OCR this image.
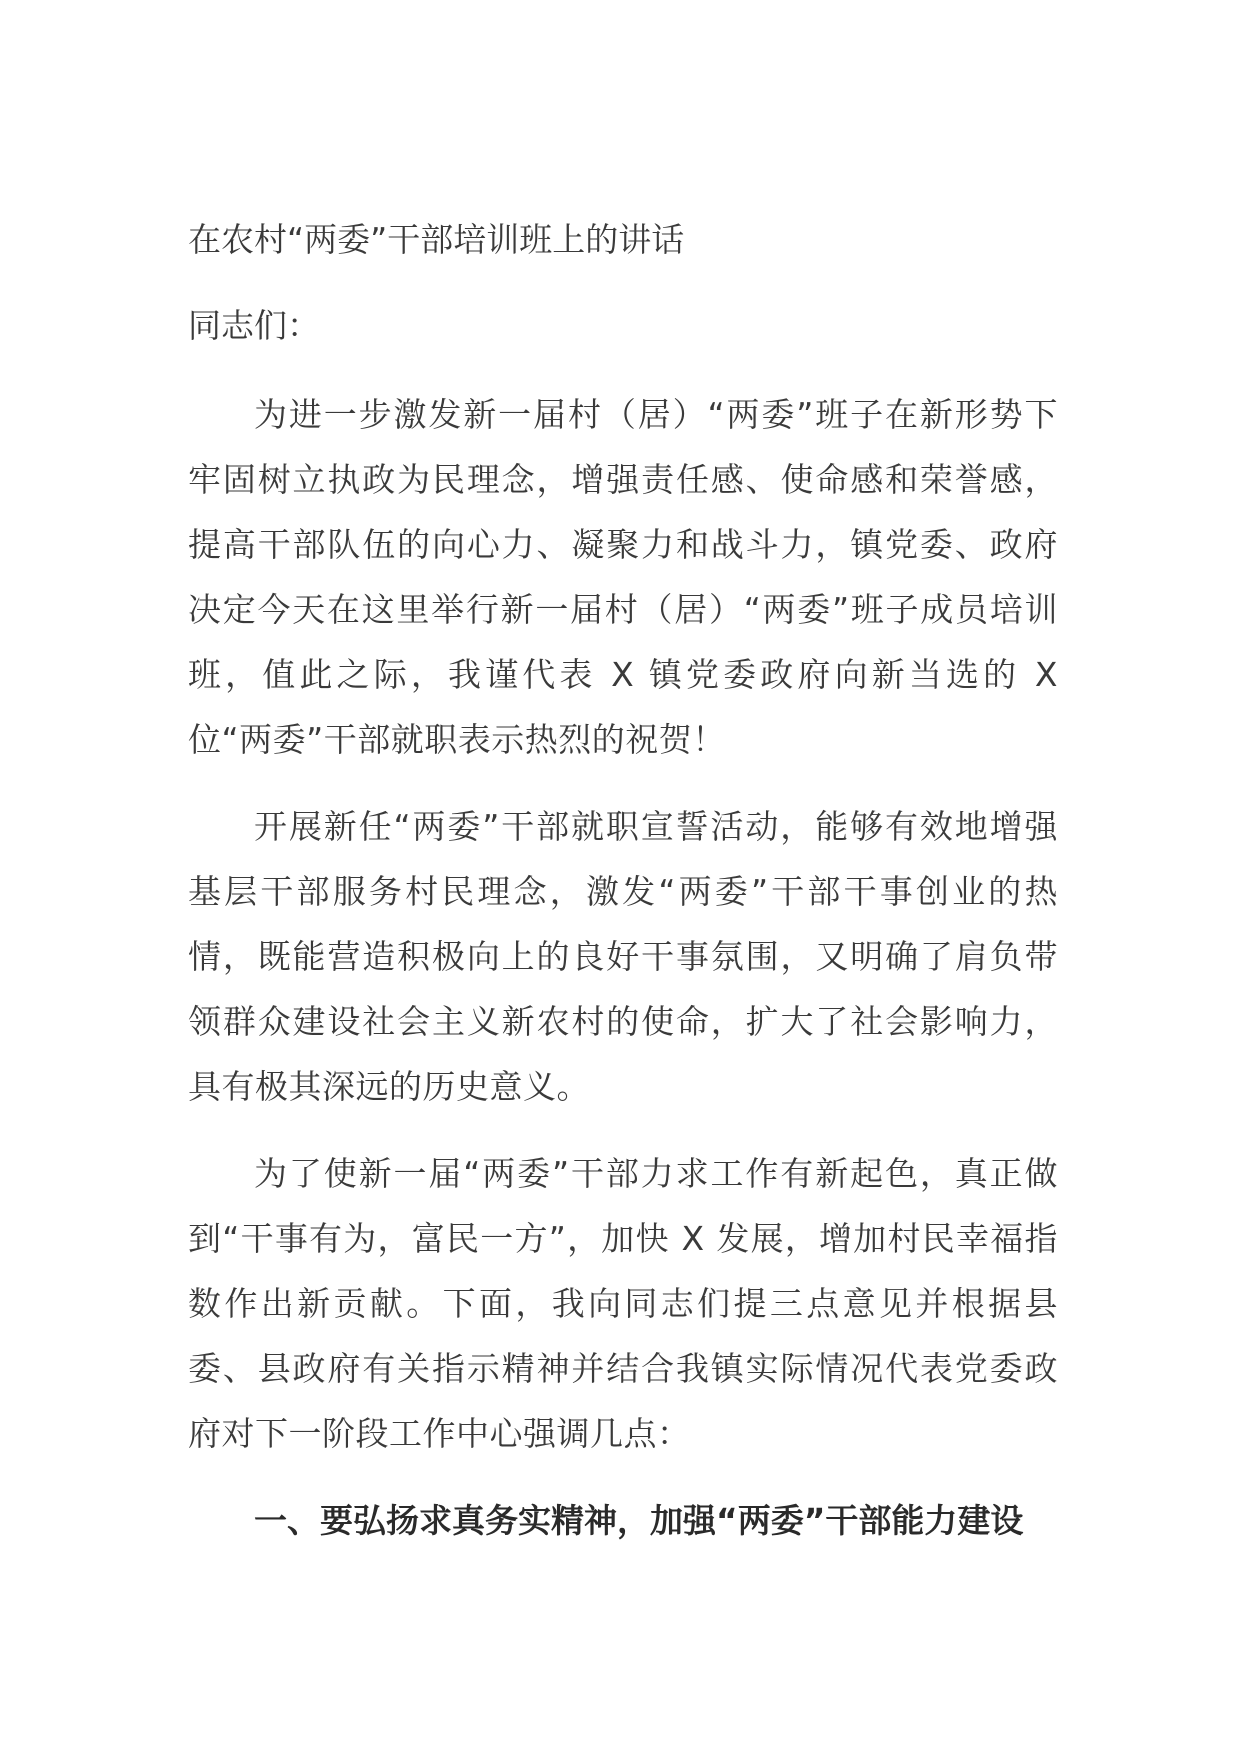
在农村“两委”干部培训班上的讲话
同志们：

为进一步激发新一届村（居）“两委”班子在新形势下牢固树立执政为民理念，增强责任感、使命感和荣誉感，提高干部队伍的向心力、凝聚力和战斗力，镇党委、政府决定今天在这里举行新一届村（居）“两委”班子成员培训班，值此之际，我谨代表 X 镇党委政府向新当选的 X 位“两委”干部就职表示热烈的祝贺！

开展新任“两委”干部就职宣誓活动，能够有效地增强基层干部服务村民理念，激发“两委”干部干事创业的热情，既能营造积极向上的良好干事氛围，又明确了肩负带领群众建设社会主义新农村的使命，扩大了社会影响力，具有极其深远的历史意义。

为了使新一届“两委”干部力求工作有新起色，真正做到“干事有为，富民一方”，加快 X 发展，增加村民幸福指数作出新贡献。下面，我向同志们提三点意见并根据县委、县政府有关指示精神并结合我镇实际情况代表党委政府对下一阶段工作中心强调几点：

一、要弘扬求真务实精神，加强“两委”干部能力建设
